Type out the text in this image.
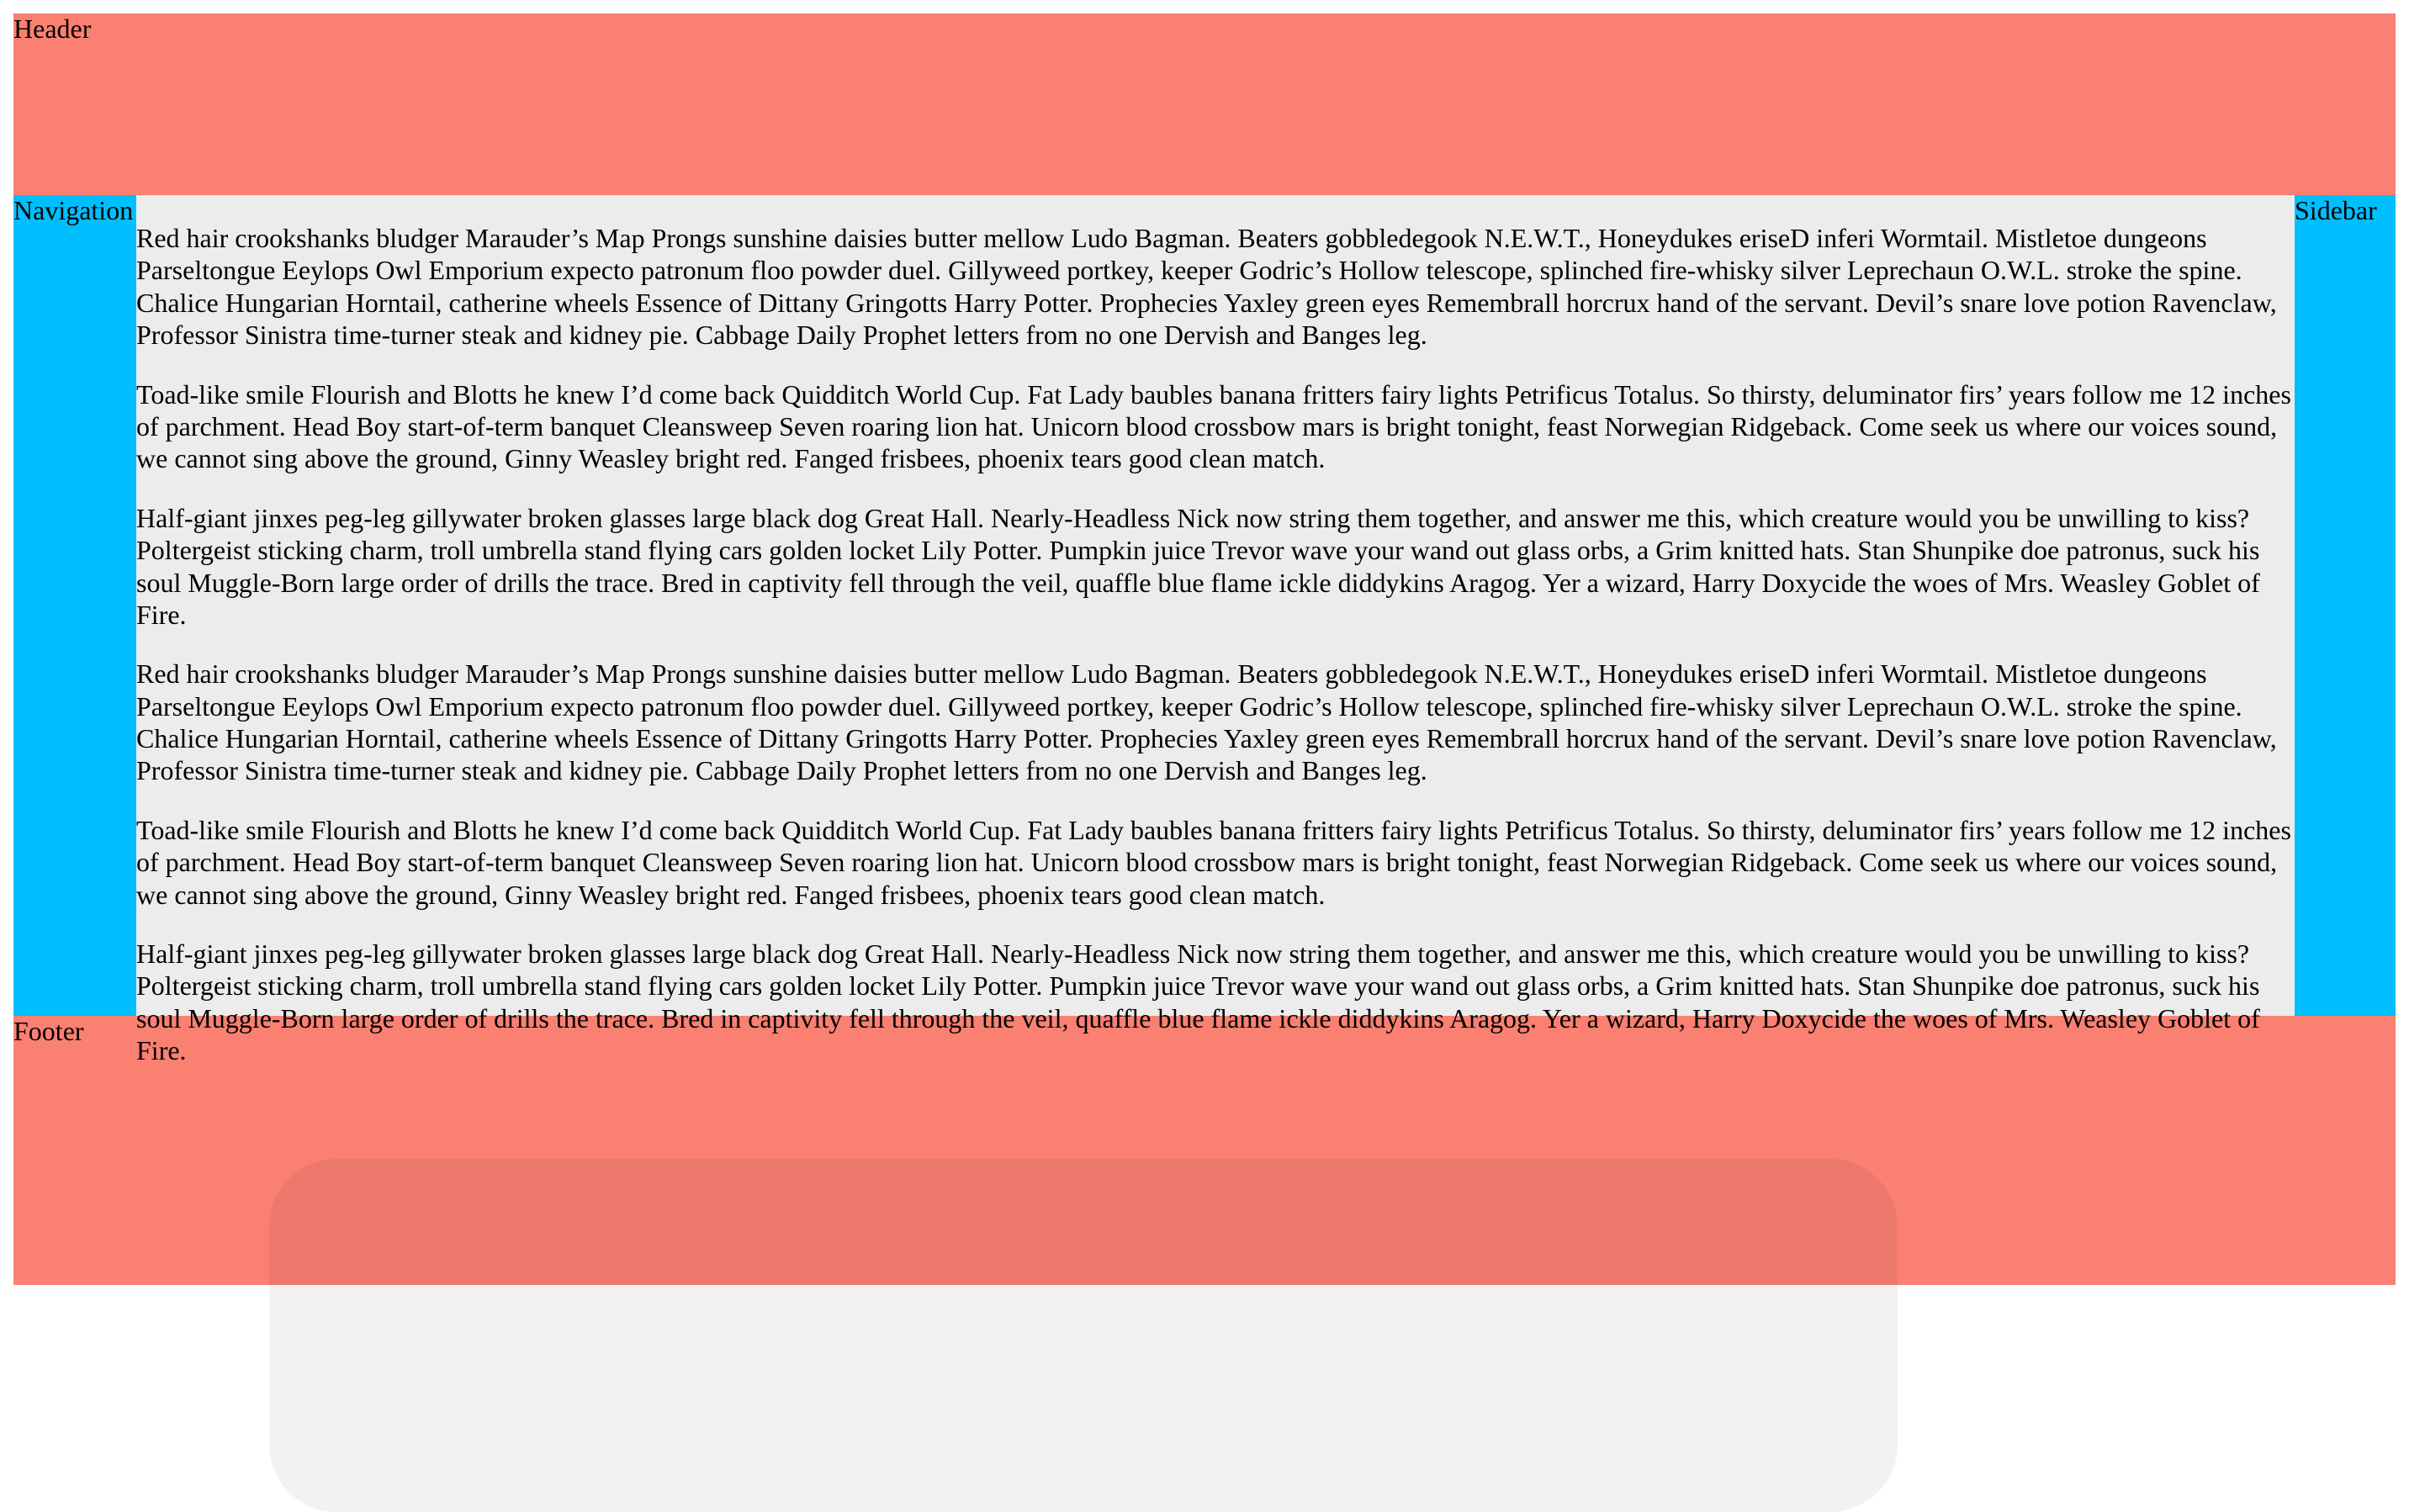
Header
Navigation

Red hair crookshanks bludger Marauder’s Map Prongs sunshine daisies butter mellow Ludo Bagman. Beaters gobbledegook N.E.W.T., Honeydukes eriseD inferi Wormtail. Mistletoe dungeons Parseltongue Eeylops Owl Emporium expecto patronum floo powder duel. Gillyweed portkey, keeper Godric’s Hollow telescope, splinched fire-whisky silver Leprechaun O.W.L. stroke the spine. Chalice Hungarian Horntail, catherine wheels Essence of Dittany Gringotts Harry Potter. Prophecies Yaxley green eyes Remembrall horcrux hand of the servant. Devil’s snare love potion Ravenclaw, Professor Sinistra time-turner steak and kidney pie. Cabbage Daily Prophet letters from no one Dervish and Banges leg.

Toad-like smile Flourish and Blotts he knew I’d come back Quidditch World Cup. Fat Lady baubles banana fritters fairy lights Petrificus Totalus. So thirsty, deluminator firs’ years follow me 12 inches of parchment. Head Boy start-of-term banquet Cleansweep Seven roaring lion hat. Unicorn blood crossbow mars is bright tonight, feast Norwegian Ridgeback. Come seek us where our voices sound, we cannot sing above the ground, Ginny Weasley bright red. Fanged frisbees, phoenix tears good clean match.

Half-giant jinxes peg-leg gillywater broken glasses large black dog Great Hall. Nearly-Headless Nick now string them together, and answer me this, which creature would you be unwilling to kiss? Poltergeist sticking charm, troll umbrella stand flying cars golden locket Lily Potter. Pumpkin juice Trevor wave your wand out glass orbs, a Grim knitted hats. Stan Shunpike doe patronus, suck his soul Muggle-Born large order of drills the trace. Bred in captivity fell through the veil, quaffle blue flame ickle diddykins Aragog. Yer a wizard, Harry Doxycide the woes of Mrs. Weasley Goblet of Fire.

Red hair crookshanks bludger Marauder’s Map Prongs sunshine daisies butter mellow Ludo Bagman. Beaters gobbledegook N.E.W.T., Honeydukes eriseD inferi Wormtail. Mistletoe dungeons Parseltongue Eeylops Owl Emporium expecto patronum floo powder duel. Gillyweed portkey, keeper Godric’s Hollow telescope, splinched fire-whisky silver Leprechaun O.W.L. stroke the spine. Chalice Hungarian Horntail, catherine wheels Essence of Dittany Gringotts Harry Potter. Prophecies Yaxley green eyes Remembrall horcrux hand of the servant. Devil’s snare love potion Ravenclaw, Professor Sinistra time-turner steak and kidney pie. Cabbage Daily Prophet letters from no one Dervish and Banges leg.

Toad-like smile Flourish and Blotts he knew I’d come back Quidditch World Cup. Fat Lady baubles banana fritters fairy lights Petrificus Totalus. So thirsty, deluminator firs’ years follow me 12 inches of parchment. Head Boy start-of-term banquet Cleansweep Seven roaring lion hat. Unicorn blood crossbow mars is bright tonight, feast Norwegian Ridgeback. Come seek us where our voices sound, we cannot sing above the ground, Ginny Weasley bright red. Fanged frisbees, phoenix tears good clean match.

Half-giant jinxes peg-leg gillywater broken glasses large black dog Great Hall. Nearly-Headless Nick now string them together, and answer me this, which creature would you be unwilling to kiss? Poltergeist sticking charm, troll umbrella stand flying cars golden locket Lily Potter. Pumpkin juice Trevor wave your wand out glass orbs, a Grim knitted hats. Stan Shunpike doe patronus, suck his soul Muggle-Born large order of drills the trace. Bred in captivity fell through the veil, quaffle blue flame ickle diddykins Aragog. Yer a wizard, Harry Doxycide the woes of Mrs. Weasley Goblet of Fire.

Sidebar
Footer
